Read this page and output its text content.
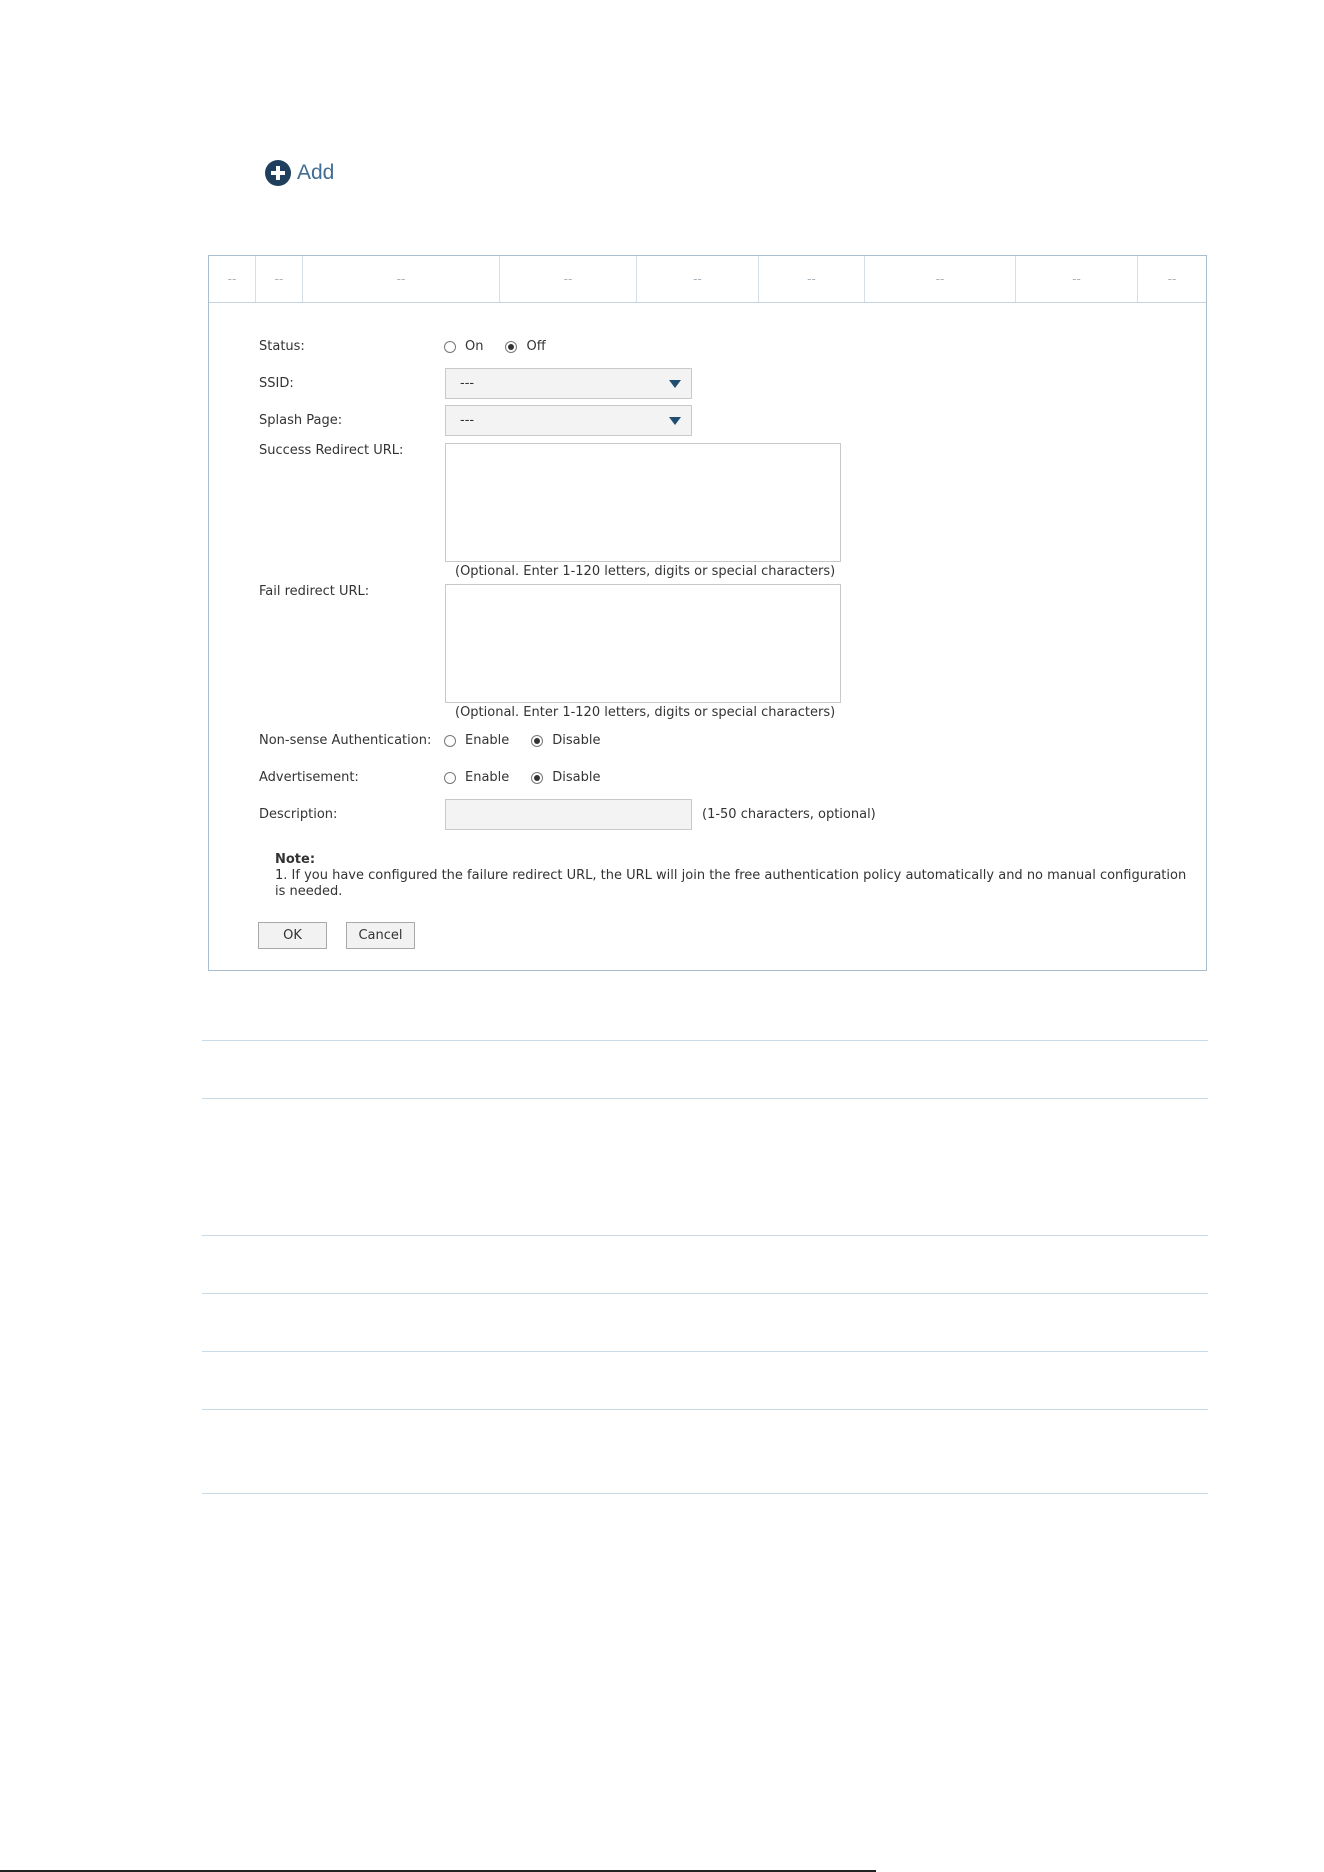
Add
--	--	--	--	--	--	--	--	--
Status:	On	Off
SSID:	---
Splash Page:	---
Success Redirect URL:
(Optional. Enter 1-120 letters, digits or special characters)
Fail redirect URL:
(Optional. Enter 1-120 letters, digits or special characters)
Non-sense Authentication:	Enable	Disable
Advertisement:	Enable	Disable
Description:	(1-50 characters, optional)
Note:
1. If you have configured the failure redirect URL, the URL will join the free authentication policy automatically and no manual configuration is needed.
OK	Cancel
